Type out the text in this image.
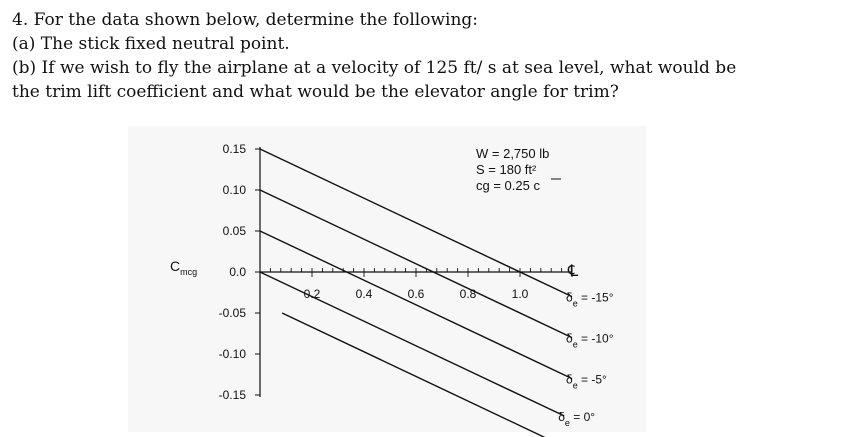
4. For the data shown below, determine the following:
(a) The stick fixed neutral point.
(b) If we wish to fly the airplane at a velocity of 125 ft/ s at sea level, what would be
the trim lift coefficient and what would be the elevator angle for trim?
0.15
0.10
0.05
0.0
-0.05
-0.10
-0.15
0.2	0.4	0.6	0.8	1.0	$\delta_e = -15^\circ$
$\delta_e = -10^\circ$
$\delta_e = -5^\circ$
$\delta_e = 0^\circ$
$C_{mcg}$	℄
W = 2,750 lb
S = 180 ft²
cg = 0.25 c
